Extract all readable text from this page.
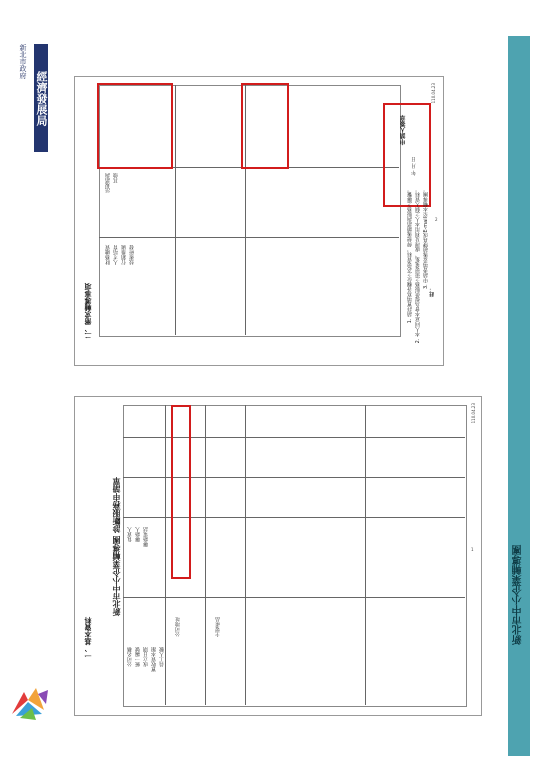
新北市政府
經濟發展局
新北市中小企業輔導團
110.04.23
二、需求輔導事項
財務融資 人才培育 行銷推廣 技術研發
法規諮詢 其他
申請人簽章
年 月 日
註：
1. 請詳實填寫各欄位之必要資料，俾便後續諮詢服務之聯繫。 2. 本人同意本會為提供服務之需要蒐集、處理及利用本人之個人資料。 3. 申請書填妥後請傳真或E-mail至本輔導團。 2
110.04.23
新北市中小企業輔導團 診斷服務申請單
一、基本資料	公司名稱 統一編號 成立日期 實收資本額 員工人數
負責人 聯絡人 聯絡電話
公司地址	主要產品
1
